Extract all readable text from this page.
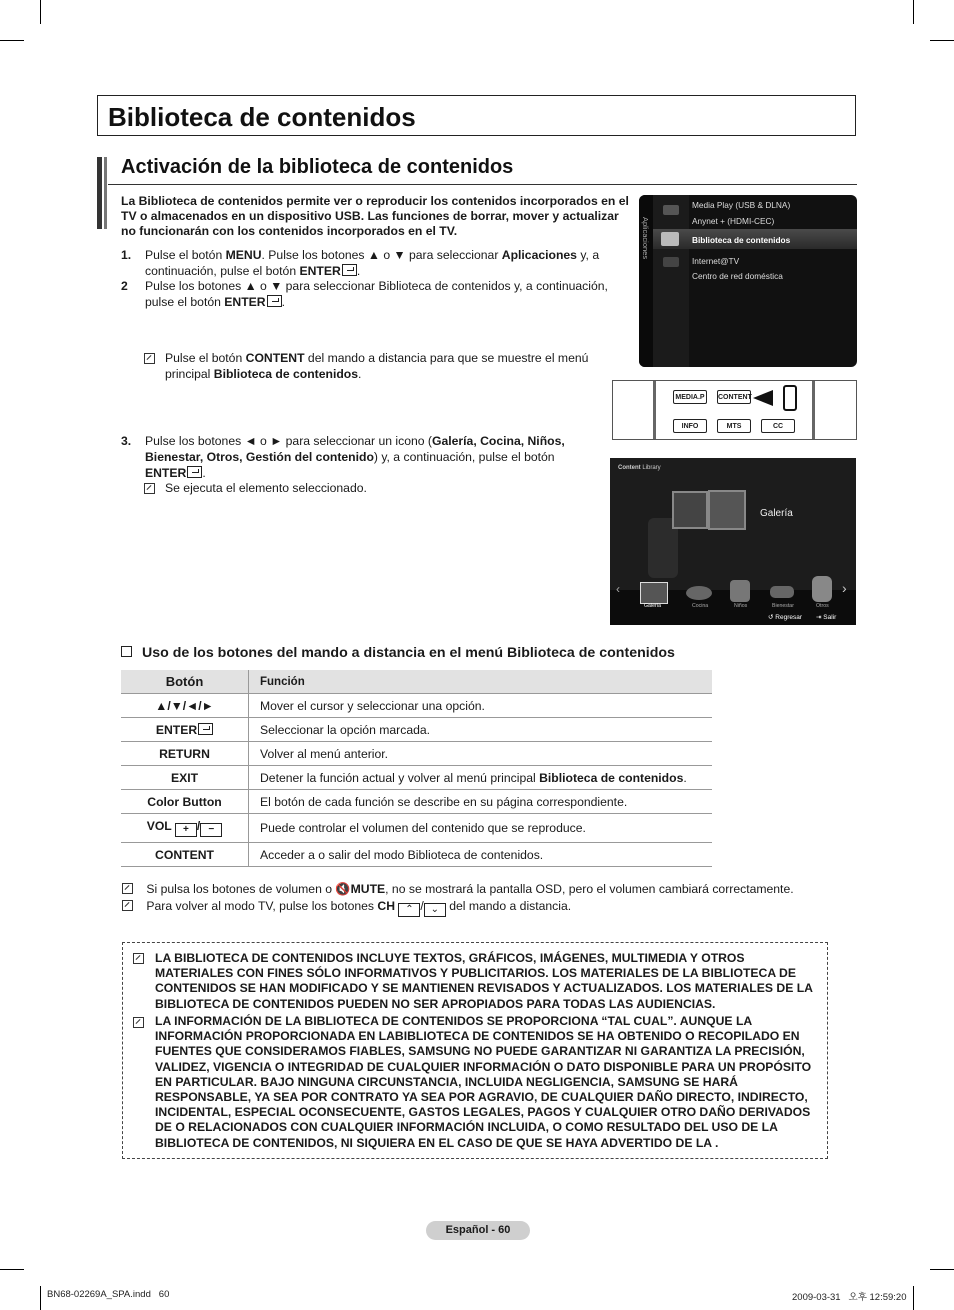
Biblioteca de contenidos
Activación de la biblioteca de contenidos
La Biblioteca de contenidos permite ver o reproducir los contenidos incorporados en el TV o almacenados en un dispositivo USB. Las funciones de borrar, mover y actualizar no funcionarán con los contenidos incorporados en el TV.
1. Pulse el botón MENU. Pulse los botones ▲ o ▼ para seleccionar Aplicaciones y, a
continuación, pulse el botón ENTER .
2 Pulse los botones ▲ o ▼ para seleccionar Biblioteca de contenidos y, a continuación,
pulse el botón ENTER .
Pulse el botón CONTENT del mando a distancia para que se muestre el menú
principal Biblioteca de contenidos.
3. Pulse los botones ◄ o ► para seleccionar un icono (Galería, Cocina, Niños,
Bienestar, Otros, Gestión del contenido) y, a continuación, pulse el botón
ENTER .
Se ejecuta el elemento seleccionado.
Aplicaciones
Media Play (USB & DLNA)
Anynet + (HDMI-CEC)
Biblioteca de contenidos
Internet@TV
Centro de red doméstica
MEDIA.P	CONTENT
INFO	MTS	CC
Content Library
Galería
‹	›
Galería	Cocina	Niños	Bienestar	Otros
↺ Regresar ⇥ Salir
Uso de los botones del mando a distancia en el menú Biblioteca de contenidos
Botón	Función
▲/▼/◄/►	Mover el cursor y seleccionar una opción.
ENTER	Seleccionar la opción marcada.
RETURN	Volver al menú anterior.
EXIT	Detener la función actual y volver al menú principal Biblioteca de contenidos.
Color Button	El botón de cada función se describe en su página correspondiente.
VOL + / −	Puede controlar el volumen del contenido que se reproduce.
CONTENT	Acceder a o salir del modo Biblioteca de contenidos.
Si pulsa los botones de volumen o 🔇MUTE, no se mostrará la pantalla OSD, pero el volumen cambiará correctamente.
Para volver al modo TV, pulse los botones CH ⌃ / ⌄ del mando a distancia.

LA BIBLIOTECA DE CONTENIDOS INCLUYE TEXTOS, GRÁFICOS, IMÁGENES, MULTIMEDIA Y OTROS MATERIALES CON FINES SÓLO INFORMATIVOS Y PUBLICITARIOS. LOS MATERIALES DE LA BIBLIOTECA DE CONTENIDOS SE HAN MODIFICADO Y SE MANTIENEN REVISADOS Y ACTUALIZADOS. LOS MATERIALES DE LA BIBLIOTECA DE CONTENIDOS PUEDEN NO SER APROPIADOS PARA TODAS LAS AUDIENCIAS.

LA INFORMACIÓN DE LA BIBLIOTECA DE CONTENIDOS SE PROPORCIONA “TAL CUAL”. AUNQUE LA INFORMACIÓN PROPORCIONADA EN LABIBLIOTECA DE CONTENIDOS SE HA OBTENIDO O RECOPILADO EN FUENTES QUE CONSIDERAMOS FIABLES, SAMSUNG NO PUEDE GARANTIZAR NI GARANTIZA LA PRECISIÓN, VALIDEZ, VIGENCIA O INTEGRIDAD DE CUALQUIER INFORMACIÓN O DATO DISPONIBLE PARA UN PROPÓSITO EN PARTICULAR. BAJO NINGUNA CIRCUNSTANCIA, INCLUIDA NEGLIGENCIA, SAMSUNG SE HARÁ RESPONSABLE, YA SEA POR CONTRATO YA SEA POR AGRAVIO, DE CUALQUIER DAÑO DIRECTO, INDIRECTO, INCIDENTAL, ESPECIAL OCONSECUENTE, GASTOS LEGALES, PAGOS Y CUALQUIER OTRO DAÑO DERIVADOS DE O RELACIONADOS CON CUALQUIER INFORMACIÓN INCLUIDA, O COMO RESULTADO DEL USO DE LA BIBLIOTECA DE CONTENIDOS, NI SIQUIERA EN EL CASO DE QUE SE HAYA ADVERTIDO DE LA .

Español - 60
BN68-02269A_SPA.indd   60	2009-03-31   오후 12:59:20
